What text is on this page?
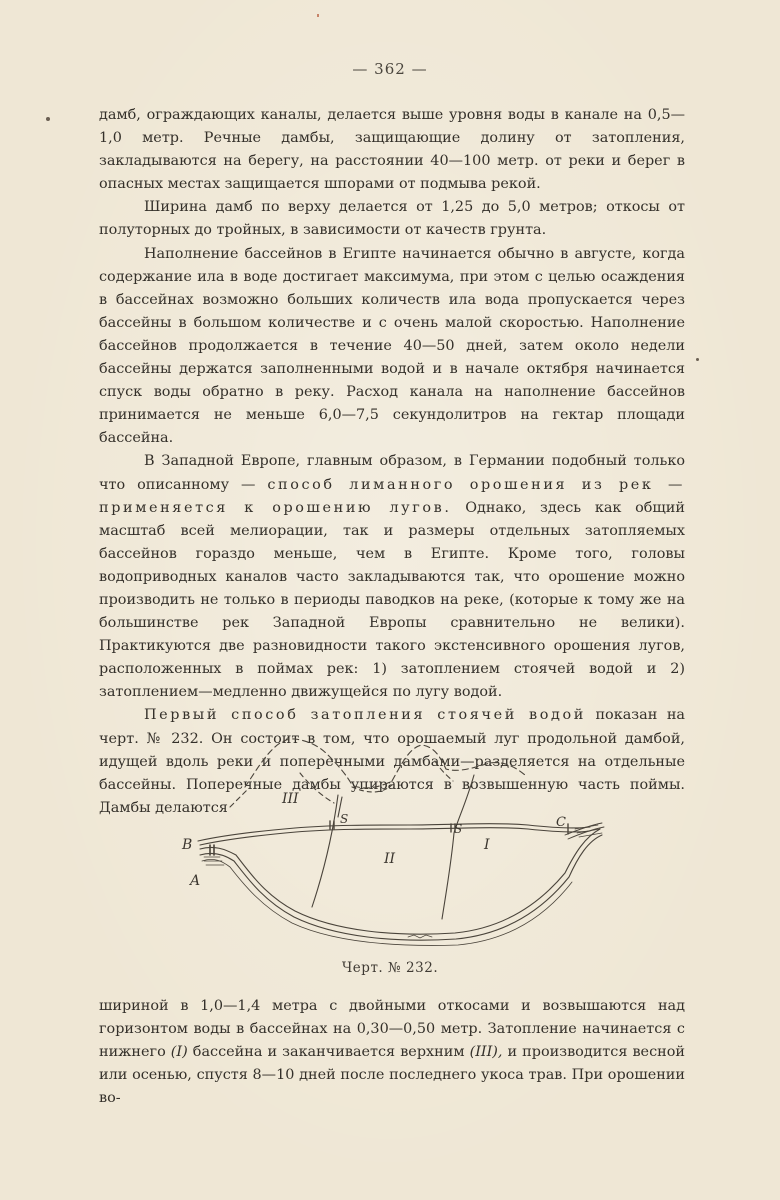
— 362 —

дамб, ограждающих каналы, делается выше уровня воды в канале на 0,5—1,0 метр. Речные дамбы, защищающие долину от затопления, закладываются на берегу, на расстоянии 40—100 метр. от реки и берег в опасных местах защищается шпорами от подмыва рекой.

Ширина дамб по верху делается от 1,25 до 5,0 метров; откосы от полуторных до тройных, в зависимости от качеств грунта.

Наполнение бассейнов в Египте начинается обычно в августе, когда содержание ила в воде достигает максимума, при этом с целью осаждения в бассейнах возможно больших количеств ила вода пропускается через бассейны в большом количестве и с очень малой скоростью. Наполнение бассейнов продолжается в течение 40—50 дней, затем около недели бассейны держатся заполненными водой и в начале октября начинается спуск воды обратно в реку. Расход канала на наполнение бассейнов принимается не меньше 6,0—7,5 секундолитров на гектар площади бассейна.

В Западной Европе, главным образом, в Германии подобный только что описанному — способ лиманного орошения из рек — применяется к орошению лугов. Однако, здесь как общий масштаб всей мелиорации, так и размеры отдельных затопляемых бассейнов гораздо меньше, чем в Египте. Кроме того, головы водоприводных каналов часто закладываются так, что орошение можно производить не только в периоды паводков на реке, (которые к тому же на большинстве рек Западной Европы сравнительно не велики). Практикуются две разновидности такого экстенсивного орошения лугов, расположенных в поймах рек: 1) затоплением стоячей водой и 2) затоплением—медленно движущейся по лугу водой.

Первый способ затопления стоячей водой показан на черт. № 232. Он состоит в том, что орошаемый луг продольной дамбой, идущей вдоль реки и поперечными дамбами—разделяется на отдельные бассейны. Поперечные дамбы упираются в возвышенную часть поймы. Дамбы делаются

III
II
I
S
S
B
A
C
Черт. № 232.

шириной в 1,0—1,4 метра с двойными откосами и возвышаются над горизонтом воды в бассейнах на 0,30—0,50 метр. Затопление начинается с нижнего (I) бассейна и заканчивается верхним (III), и производится весной или осенью, спустя 8—10 дней после последнего укоса трав. При орошении во-
